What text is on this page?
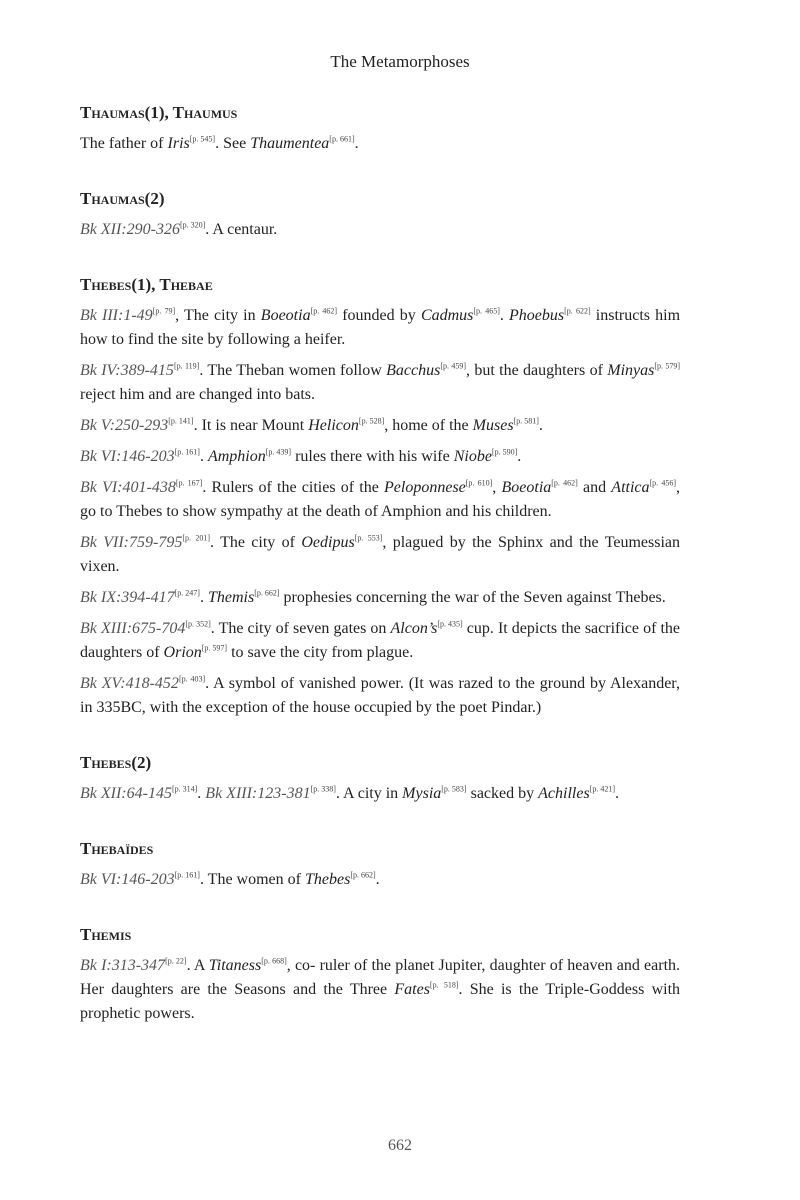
The Metamorphoses
Thaumas(1), Thaumus

The father of Iris[p. 545]. See Thaumentea[p. 661].

Thaumas(2)

Bk XII:290-326[p. 320]. A centaur.

Thebes(1), Thebae

Bk III:1-49[p. 79], The city in Boeotia[p. 462] founded by Cadmus[p. 465]. Phoebus[p. 622] instructs him how to find the site by following a heifer.

Bk IV:389-415[p. 119]. The Theban women follow Bacchus[p. 459], but the daughters of Minyas[p. 579] reject him and are changed into bats.

Bk V:250-293[p. 141]. It is near Mount Helicon[p. 528], home of the Muses[p. 581].

Bk VI:146-203[p. 161]. Amphion[p. 439] rules there with his wife Niobe[p. 590].

Bk VI:401-438[p. 167]. Rulers of the cities of the Peloponnese[p. 610], Boeotia[p. 462] and Attica[p. 456], go to Thebes to show sympathy at the death of Amphion and his children.

Bk VII:759-795[p. 201]. The city of Oedipus[p. 553], plagued by the Sphinx and the Teumessian vixen.

Bk IX:394-417[p. 247]. Themis[p. 662] prophesies concerning the war of the Seven against Thebes.

Bk XIII:675-704[p. 352]. The city of seven gates on Alcon’s[p. 435] cup. It depicts the sacrifice of the daughters of Orion[p. 597] to save the city from plague.

Bk XV:418-452[p. 403]. A symbol of vanished power. (It was razed to the ground by Alexander, in 335BC, with the exception of the house occupied by the poet Pindar.)

Thebes(2)

Bk XII:64-145[p. 314]. Bk XIII:123-381[p. 338]. A city in Mysia[p. 583] sacked by Achilles[p. 421].

Thebaïdes

Bk VI:146-203[p. 161]. The women of Thebes[p. 662].

Themis

Bk I:313-347[p. 22]. A Titaness[p. 668], co- ruler of the planet Jupiter, daughter of heaven and earth. Her daughters are the Seasons and the Three Fates[p. 518]. She is the Triple-Goddess with prophetic powers.

662
